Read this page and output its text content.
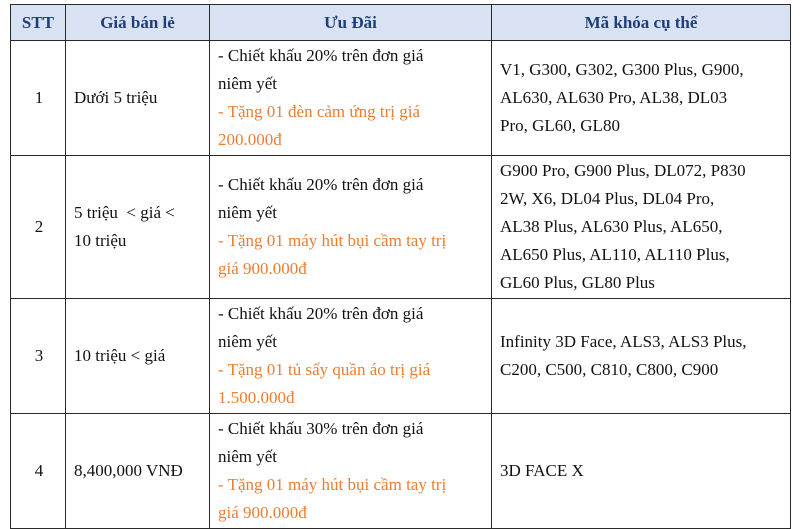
STT	Giá bán lẻ	Ưu Đãi	Mã khóa cụ thể
1	Dưới 5 triệu	- Chiết khấu 20% trên đơn giá
niêm yết
- Tặng 01 đèn cảm ứng trị giá
200.000đ	V1, G300, G302, G300 Plus, G900,
AL630, AL630 Pro, AL38, DL03
Pro, GL60, GL80

2	5 triệu  < giá <
10 triệu	- Chiết khấu 20% trên đơn giá
niêm yết
- Tặng 01 máy hút bụi cầm tay trị
giá 900.000đ	G900 Pro, G900 Plus, DL072, P830
2W, X6, DL04 Plus, DL04 Pro,
AL38 Plus, AL630 Plus, AL650,
AL650 Plus, AL110, AL110 Plus,
GL60 Plus, GL80 Plus

3	10 triệu < giá	- Chiết khấu 20% trên đơn giá
niêm yết
- Tặng 01 tủ sấy quần áo trị giá
1.500.000đ	Infinity 3D Face, ALS3, ALS3 Plus,
C200, C500, C810, C800, C900

4	8,400,000 VNĐ	- Chiết khấu 30% trên đơn giá
niêm yết
- Tặng 01 máy hút bụi cầm tay trị
giá 900.000đ	3D FACE X
